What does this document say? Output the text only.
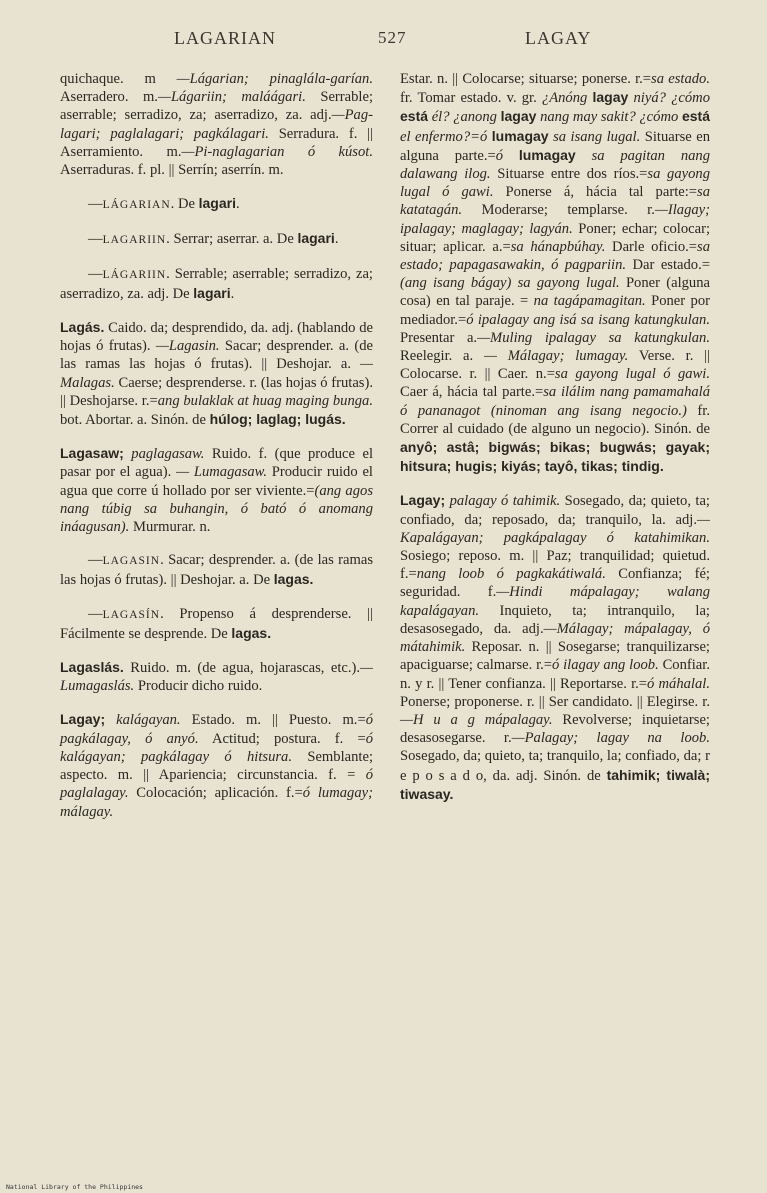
LAGARIAN	527	LAGAY

quichaque. m —Lágarian; pinaglála-garían. Aserradero. m.—Lágariin; maláágari. Serrable; aserrable; serradizo, za; aserradizo, za. adj.—Pag-lagari; paglalagari; pagkálagari. Serradura. f. || Aserramiento. m.—Pi-naglagarian ó kúsot. Aserraduras. f. pl. || Serrín; aserrín. m.

—LÁGARIAN. De lagari.

—LAGARIIN. Serrar; aserrar. a. De lagari.

—LÁGARIIN. Serrable; aserrable; serradizo, za; aserradizo, za. adj. De lagari.

Lagás. Caido. da; desprendido, da. adj. (hablando de hojas ó frutas). —Lagasin. Sacar; desprender. a. (de las ramas las hojas ó frutas). || Deshojar. a. —Malagas. Caerse; desprenderse. r. (las hojas ó frutas). || Deshojarse. r.=ang bulaklak at huag maging bunga. bot. Abortar. a. Sinón. de húlog; laglag; lugás.

Lagasaw; paglagasaw. Ruido. f. (que produce el pasar por el agua). — Lumagasaw. Producir ruido el agua que corre ú hollado por ser viviente.=(ang agos nang túbig sa buhangin, ó bató ó anomang ináagusan). Murmurar. n.

—LAGASIN. Sacar; desprender. a. (de las ramas las hojas ó frutas). || Deshojar. a. De lagas.

—LAGASÍN. Propenso á desprenderse. || Fácilmente se desprende. De lagas.

Lagaslás. Ruido. m. (de agua, hojarascas, etc.).—Lumagaslás. Producir dicho ruido.

Lagay; kalágayan. Estado. m. || Puesto. m.=ó pagkálagay, ó anyó. Actitud; postura. f. =ó kalágayan; pagkálagay ó hitsura. Semblante; aspecto. m. || Apariencia; circunstancia. f. = ó paglalagay. Colocación; aplicación. f.=ó lumagay; málagay.

Estar. n. || Colocarse; situarse; ponerse. r.=sa estado. fr. Tomar estado. v. gr. ¿Anóng lagay niyá? ¿cómo está él? ¿anong lagay nang may sakit? ¿cómo está el enfermo?=ó lumagay sa isang lugal. Situarse en alguna parte.=ó lumagay sa pagitan nang dalawang ilog. Situarse entre dos ríos.=sa gayong lugal ó gawi. Ponerse á, hácia tal parte:=sa katatagán. Moderarse; templarse. r.—Ilagay; ipalagay; maglagay; lagyán. Poner; echar; colocar; situar; aplicar. a.=sa hánapbúhay. Darle oficio.=sa estado; papagasawakin, ó pagpariin. Dar estado.=(ang isang bágay) sa gayong lugal. Poner (alguna cosa) en tal paraje. = na tagápamagitan. Poner por mediador.=ó ipalagay ang isá sa isang katungkulan. Presentar a.—Muling ipalagay sa katungkulan. Reelegir. a. — Málagay; lumagay. Verse. r. || Colocarse. r. || Caer. n.=sa gayong lugal ó gawi. Caer á, hácia tal parte.=sa ilálim nang pamamahalá ó pananagot (ninoman ang isang negocio.) fr. Correr al cuidado (de alguno un negocio). Sinón. de anyô; astâ; bigwás; bikas; bugwás; gayak; hitsura; hugis; kiyás; tayô, tikas; tindig.

Lagay; palagay ó tahimik. Sosegado, da; quieto, ta; confiado, da; reposado, da; tranquilo, la. adj.—Kapalágayan; pagkápalagay ó katahimikan. Sosiego; reposo. m. || Paz; tranquilidad; quietud. f.=nang loob ó pagkakátiwalá. Confianza; fé; seguridad. f.—Hindi mápalagay; walang kapalágayan. Inquieto, ta; intranquilo, la; desasosegado, da. adj.—Málagay; mápalagay, ó mátahimik. Reposar. n. || Sosegarse; tranquilizarse; apaciguarse; calmarse. r.=ó ilagay ang loob. Confiar. n. y r. || Tener confianza. || Reportarse. r.=ó máhalal. Ponerse; proponerse. r. || Ser candidato. || Elegirse. r.—H u a g mápalagay. Revolverse; inquietarse; desasosegarse. r.—Palagay; lagay na loob. Sosegado, da; quieto, ta; tranquilo, la; confiado, da; r e p o s a d o, da. adj. Sinón. de tahimik; tiwalà; tiwasay.

National Library of the Philippines
